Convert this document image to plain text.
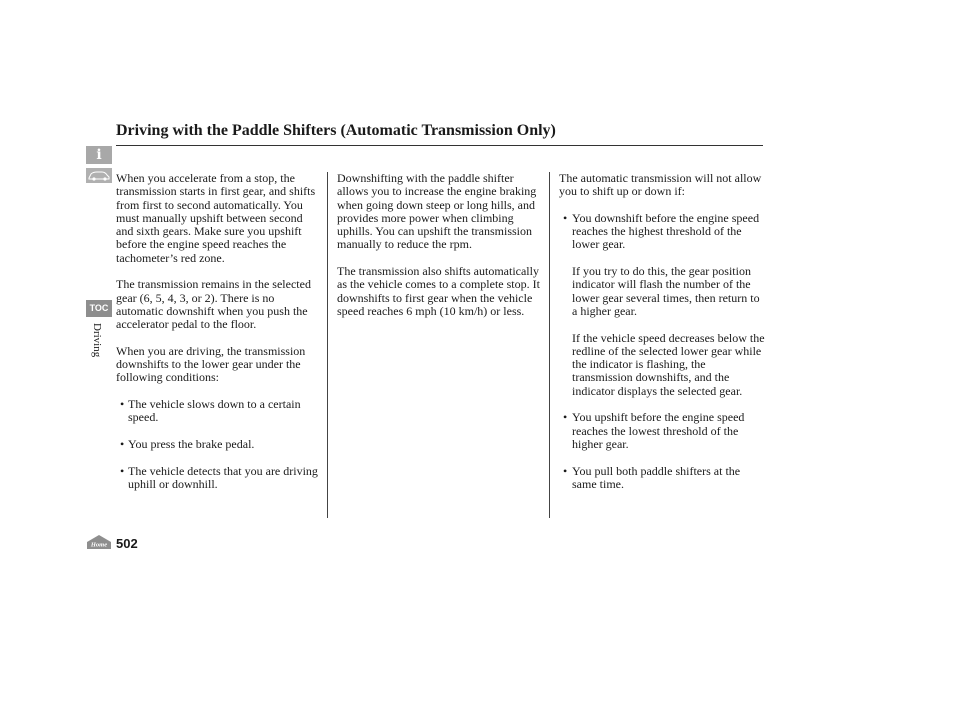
Driving with the Paddle Shifters (Automatic Transmission Only)
i
TOC
Driving

When you accelerate from a stop, the transmission starts in first gear, and shifts from first to second automatically. You must manually upshift between second and sixth gears. Make sure you upshift before the engine speed reaches the tachometer’s red zone.

The transmission remains in the selected gear (6, 5, 4, 3, or 2). There is no automatic downshift when you push the accelerator pedal to the floor.

When you are driving, the transmission downshifts to the lower gear under the following conditions:

• The vehicle slows down to a certain speed.
• You press the brake pedal.
• The vehicle detects that you are driving uphill or downhill.

Downshifting with the paddle shifter allows you to increase the engine braking when going down steep or long hills, and provides more power when climbing uphills. You can upshift the transmission manually to reduce the rpm.

The transmission also shifts automatically as the vehicle comes to a complete stop. It downshifts to first gear when the vehicle speed reaches 6 mph (10 km/h) or less.

The automatic transmission will not allow you to shift up or down if:

• You downshift before the engine speed reaches the highest threshold of the lower gear.

If you try to do this, the gear position indicator will flash the number of the lower gear several times, then return to a higher gear.

If the vehicle speed decreases below the redline of the selected lower gear while the indicator is flashing, the transmission downshifts, and the indicator displays the selected gear.

• You upshift before the engine speed reaches the lowest threshold of the higher gear.
• You pull both paddle shifters at the same time.
Home 502
